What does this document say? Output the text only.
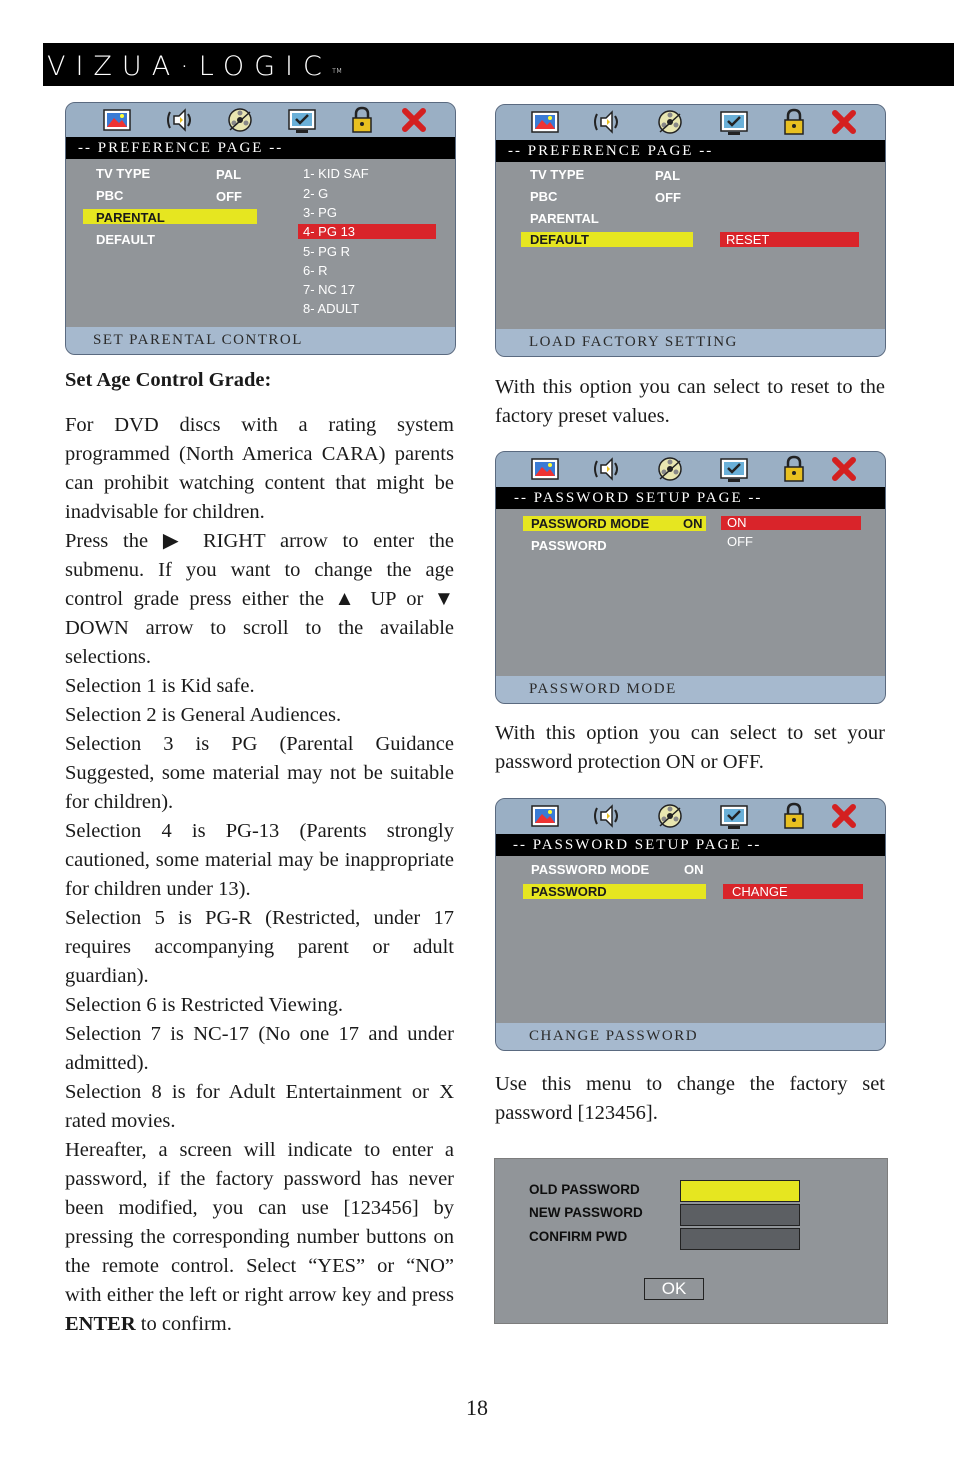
VIZUA·LOGIC™
-- PREFERENCE PAGE --
TV TYPE	PAL
PBC	OFF
PARENTAL
DEFAULT
1- KID SAF
2- G
3- PG
4- PG 13
5- PG R
6- R
7- NC 17
8- ADULT
SET PARENTAL CONTROL
-- PREFERENCE PAGE --
TV TYPE	PAL
PBC	OFF
PARENTAL
DEFAULT	RESET
LOAD FACTORY SETTING
-- PASSWORD SETUP PAGE --
PASSWORD MODE	ON
PASSWORD
ON
OFF
PASSWORD MODE
-- PASSWORD SETUP PAGE --
PASSWORD MODE	ON
PASSWORD	CHANGE
CHANGE PASSWORD
OLD PASSWORD
NEW PASSWORD
CONFIRM PWD
OK
Set Age Control Grade:

For DVD discs with a rating system programmed (North America CARA) parents can prohibit watching content that might be inadvisable for children.

Press the ▶ RIGHT arrow to enter the submenu. If you want to change the age control grade press either the ▲ UP or ▼ DOWN arrow to scroll to the available selections.

Selection 1 is Kid safe.

Selection 2 is General Audiences.

Selection 3 is PG (Parental Guidance Suggested, some material may not be suitable for children).

Selection 4 is PG-13 (Parents strongly cautioned, some material may be inappropriate for children under 13).

Selection 5 is PG-R (Restricted, under 17 requires accompanying parent or adult guardian).

Selection 6 is Restricted Viewing.

Selection 7 is NC-17 (No one 17 and under admitted).

Selection 8 is for Adult Entertainment or X rated movies.

Hereafter, a screen will indicate to enter a password, if the factory password has never been modified, you can use [123456] by pressing the corresponding number buttons on the remote control. Select “YES” or “NO” with either the left or right arrow key and press ENTER to confirm.

With this option you can select to reset to the factory preset values.
With this option you can select to set your password protection ON or OFF.
Use this menu to change the factory set password [123456].
18
